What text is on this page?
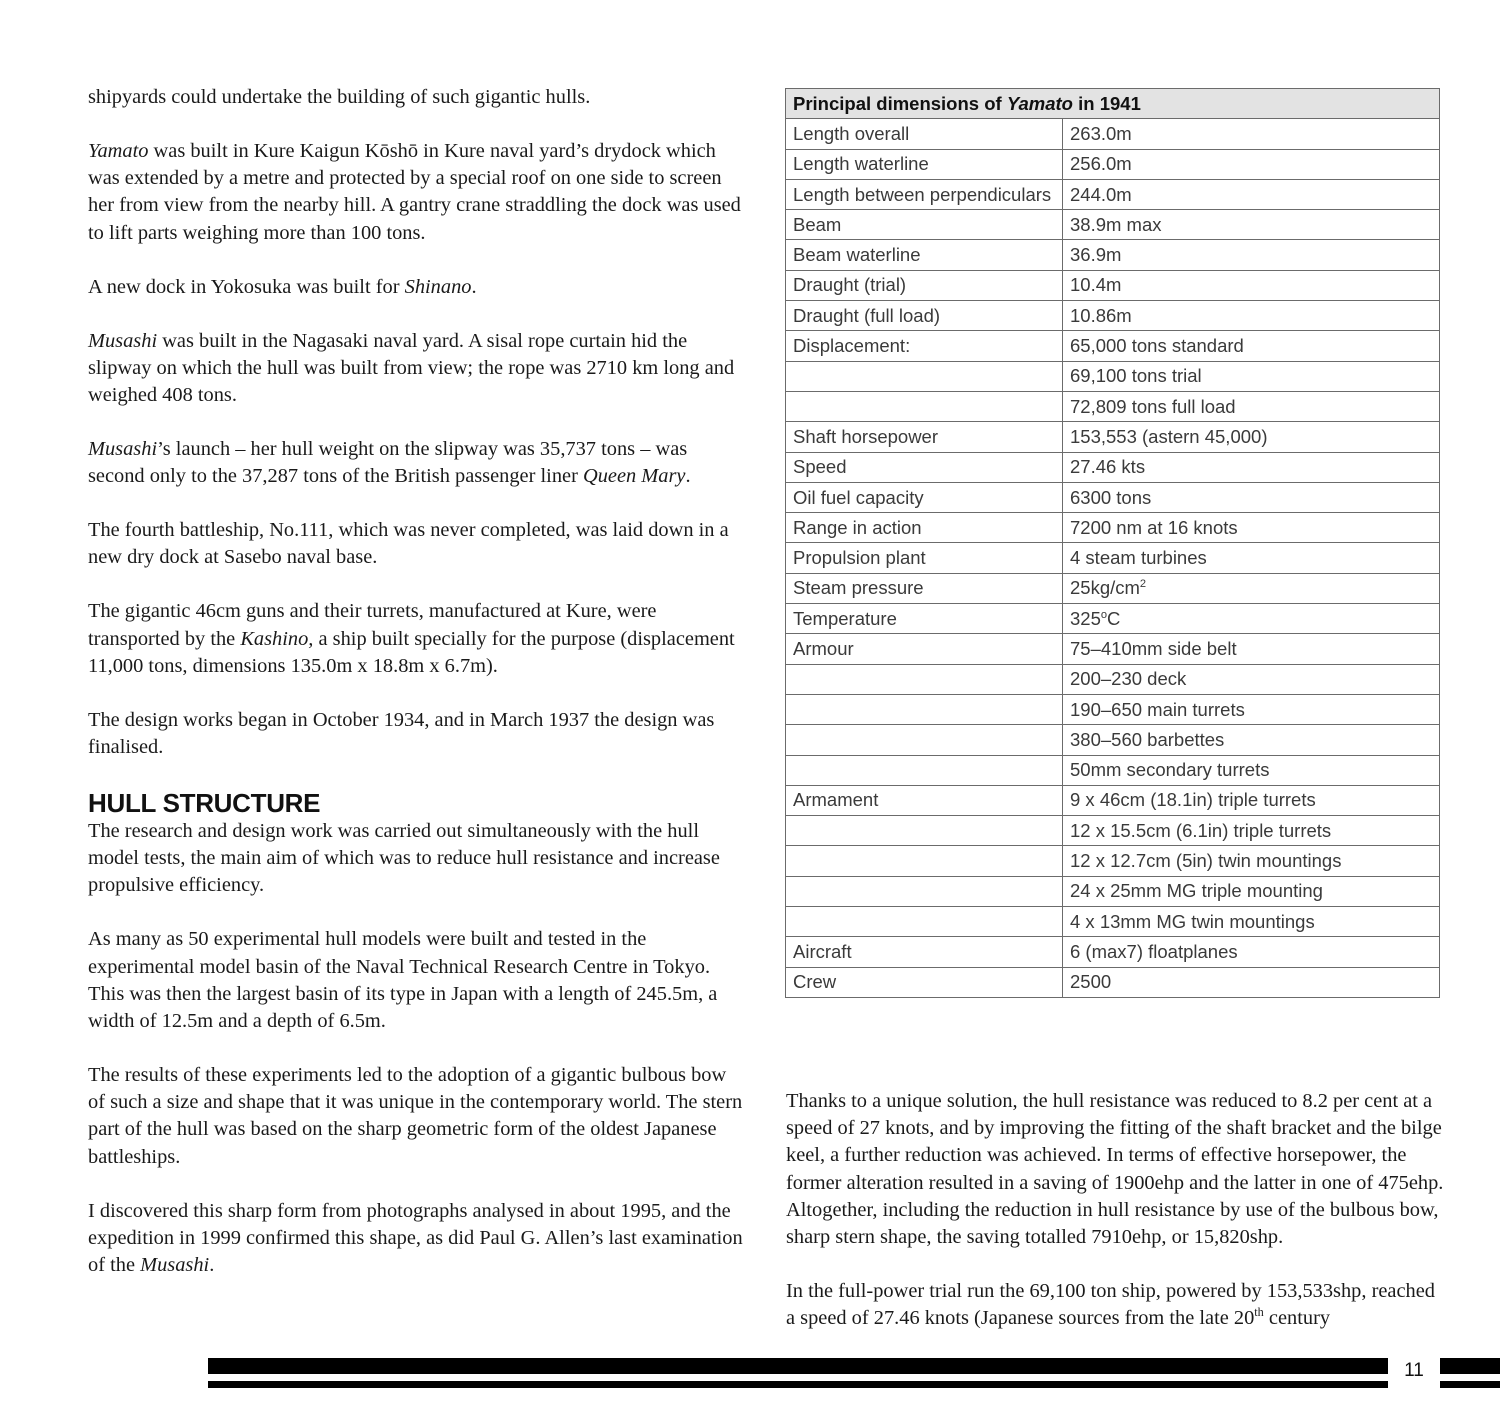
shipyards could undertake the building of such gigantic hulls.

Yamato was built in Kure Kaigun Kōshō in Kure naval yard’s drydock which was extended by a metre and protected by a special roof on one side to screen her from view from the nearby hill. A gantry crane straddling the dock was used to lift parts weighing more than 100 tons.

A new dock in Yokosuka was built for Shinano.

Musashi was built in the Nagasaki naval yard. A sisal rope curtain hid the slipway on which the hull was built from view; the rope was 2710 km long and weighed 408 tons.

Musashi’s launch – her hull weight on the slipway was 35,737 tons – was second only to the 37,287 tons of the British passenger liner Queen Mary.

The fourth battleship, No.111, which was never completed, was laid down in a new dry dock at Sasebo naval base.

The gigantic 46cm guns and their turrets, manufactured at Kure, were transported by the Kashino, a ship built specially for the purpose (displacement 11,000 tons, dimensions 135.0m x 18.8m x 6.7m).

The design works began in October 1934, and in March 1937 the design was finalised.

HULL STRUCTURE

The research and design work was carried out simultaneously with the hull model tests, the main aim of which was to reduce hull resistance and increase propulsive efficiency.

As many as 50 experimental hull models were built and tested in the experimental model basin of the Naval Technical Research Centre in Tokyo. This was then the largest basin of its type in Japan with a length of 245.5m, a width of 12.5m and a depth of 6.5m.

The results of these experiments led to the adoption of a gigantic bulbous bow of such a size and shape that it was unique in the contemporary world. The stern part of the hull was based on the sharp geometric form of the oldest Japanese battleships.

I discovered this sharp form from photographs analysed in about 1995, and the expedition in 1999 confirmed this shape, as did Paul G. Allen’s last examination of the Musashi.

Principal dimensions of Yamato in 1941	
Length overall	263.0m
Length waterline	256.0m
Length between perpendiculars	244.0m
Beam	38.9m max
Beam waterline	36.9m
Draught (trial)	10.4m
Draught (full load)	10.86m
Displacement:	65,000 tons standard
	69,100 tons trial
	72,809 tons full load
Shaft horsepower	153,553 (astern 45,000)
Speed	27.46 kts
Oil fuel capacity	6300 tons
Range in action	7200 nm at 16 knots
Propulsion plant	4 steam turbines
Steam pressure	$25kg/cm^2$
Temperature	325$^o$C
Armour	75–410mm side belt
	200–230 deck
	190–650 main turrets
	380–560 barbettes
	50mm secondary turrets
Armament	9 x 46cm (18.1in) triple turrets
	12 x 15.5cm (6.1in) triple turrets
	12 x 12.7cm (5in) twin mountings
	24 x 25mm MG triple mounting
	4 x 13mm MG twin mountings
Aircraft	6 (max7) floatplanes
Crew	2500

Thanks to a unique solution, the hull resistance was reduced to 8.2 per cent at a speed of 27 knots, and by improving the fitting of the shaft bracket and the bilge keel, a further reduction was achieved. In terms of effective horsepower, the former alteration resulted in a saving of 1900ehp and the latter in one of 475ehp. Altogether, including the reduction in hull resistance by use of the bulbous bow, sharp stern shape, the saving totalled 7910ehp, or 15,820shp.

In the full-power trial run the 69,100 ton ship, powered by 153,533shp, reached a speed of 27.46 knots (Japanese sources from the late 20th century

11
